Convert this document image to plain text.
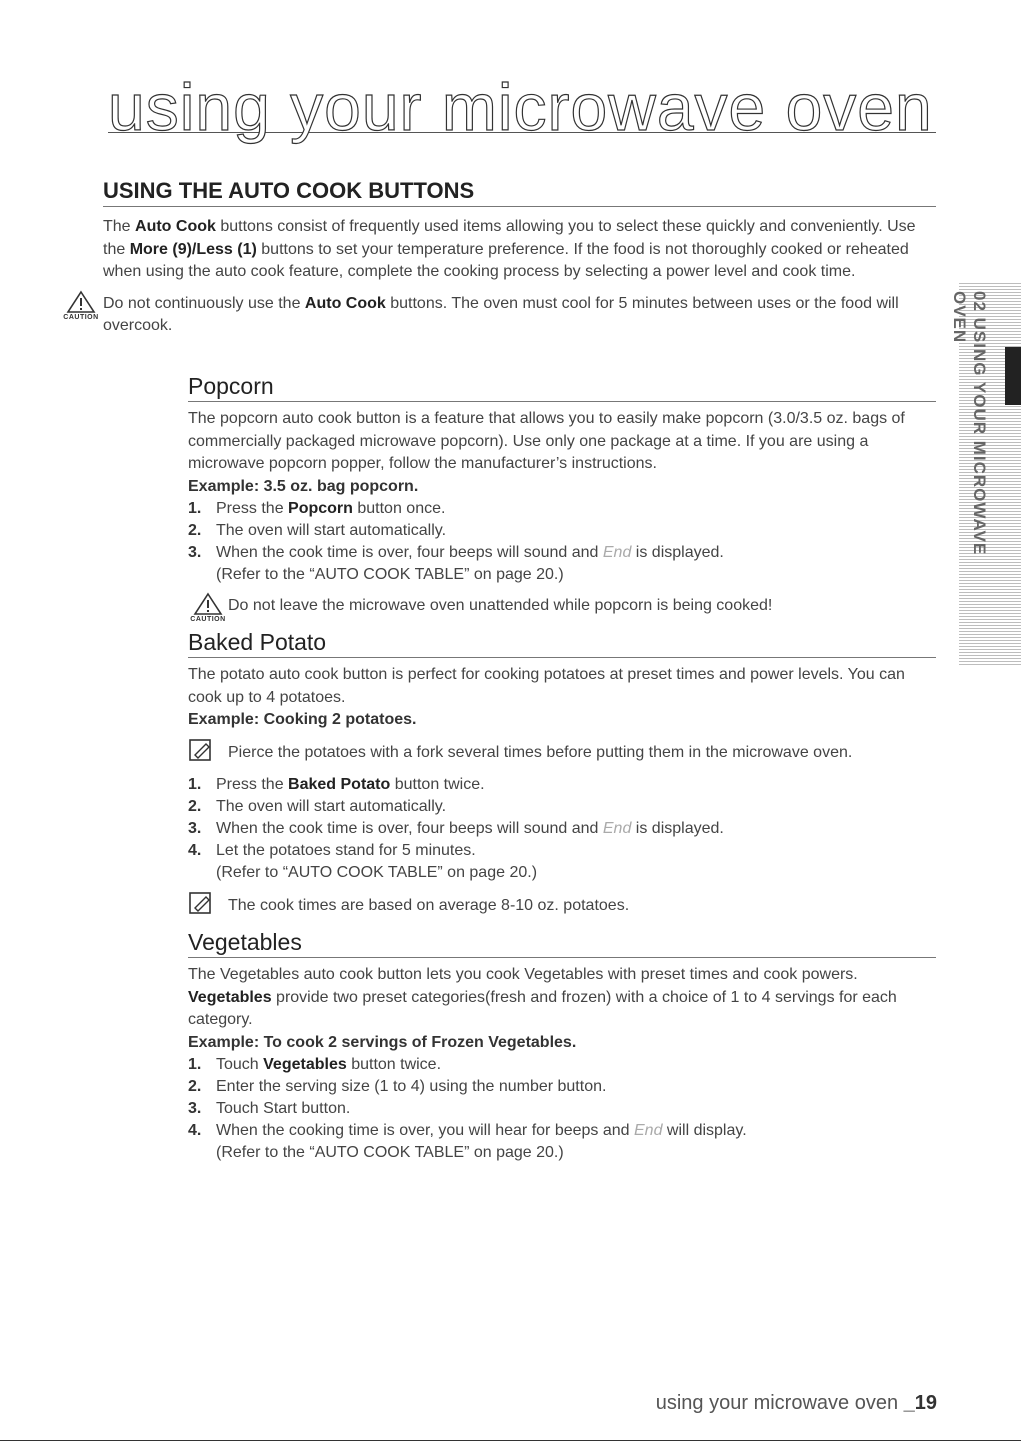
using your microwave oven
USING THE AUTO COOK BUTTONS

The Auto Cook buttons consist of frequently used items allowing you to select these quickly and conveniently. Use the More (9)/Less (1) buttons to set your temperature preference. If the food is not thoroughly cooked or reheated when using the auto cook feature, complete the cooking process by selecting a power level and cook time.

CAUTION

Do not continuously use the Auto Cook buttons. The oven must cool for 5 minutes between uses or the food will overcook.

Popcorn

The popcorn auto cook button is a feature that allows you to easily make popcorn (3.0/3.5 oz. bags of commercially packaged microwave popcorn). Use only one package at a time. If you are using a microwave popcorn popper, follow the manufacturer’s instructions.

Example: 3.5 oz. bag popcorn.
1. Press the Popcorn button once.
2. The oven will start automatically.
3. When the cook time is over, four beeps will sound and End is displayed.
(Refer to the “AUTO COOK TABLE” on page 20.)
CAUTION

Do not leave the microwave oven unattended while popcorn is being cooked!

Baked Potato

The potato auto cook button is perfect for cooking potatoes at preset times and power levels. You can cook up to 4 potatoes.

Example: Cooking 2 potatoes.
Pierce the potatoes with a fork several times before putting them in the microwave oven.
1. Press the Baked Potato button twice.
2. The oven will start automatically.
3. When the cook time is over, four beeps will sound and End is displayed.
4. Let the potatoes stand for 5 minutes.
(Refer to “AUTO COOK TABLE” on page 20.)
The cook times are based on average 8-10 oz. potatoes.
Vegetables

The Vegetables auto cook button lets you cook Vegetables with preset times and cook powers. Vegetables provide two preset categories(fresh and frozen) with a choice of 1 to 4 servings for each category.

Example: To cook 2 servings of Frozen Vegetables.
1. Touch Vegetables button twice.
2. Enter the serving size (1 to 4) using the number button.
3. Touch Start button.
4. When the cooking time is over, you will hear for beeps and End will display.
(Refer to the “AUTO COOK TABLE” on page 20.)
02 USING YOUR MICROWAVE OVEN
using your microwave oven _19
